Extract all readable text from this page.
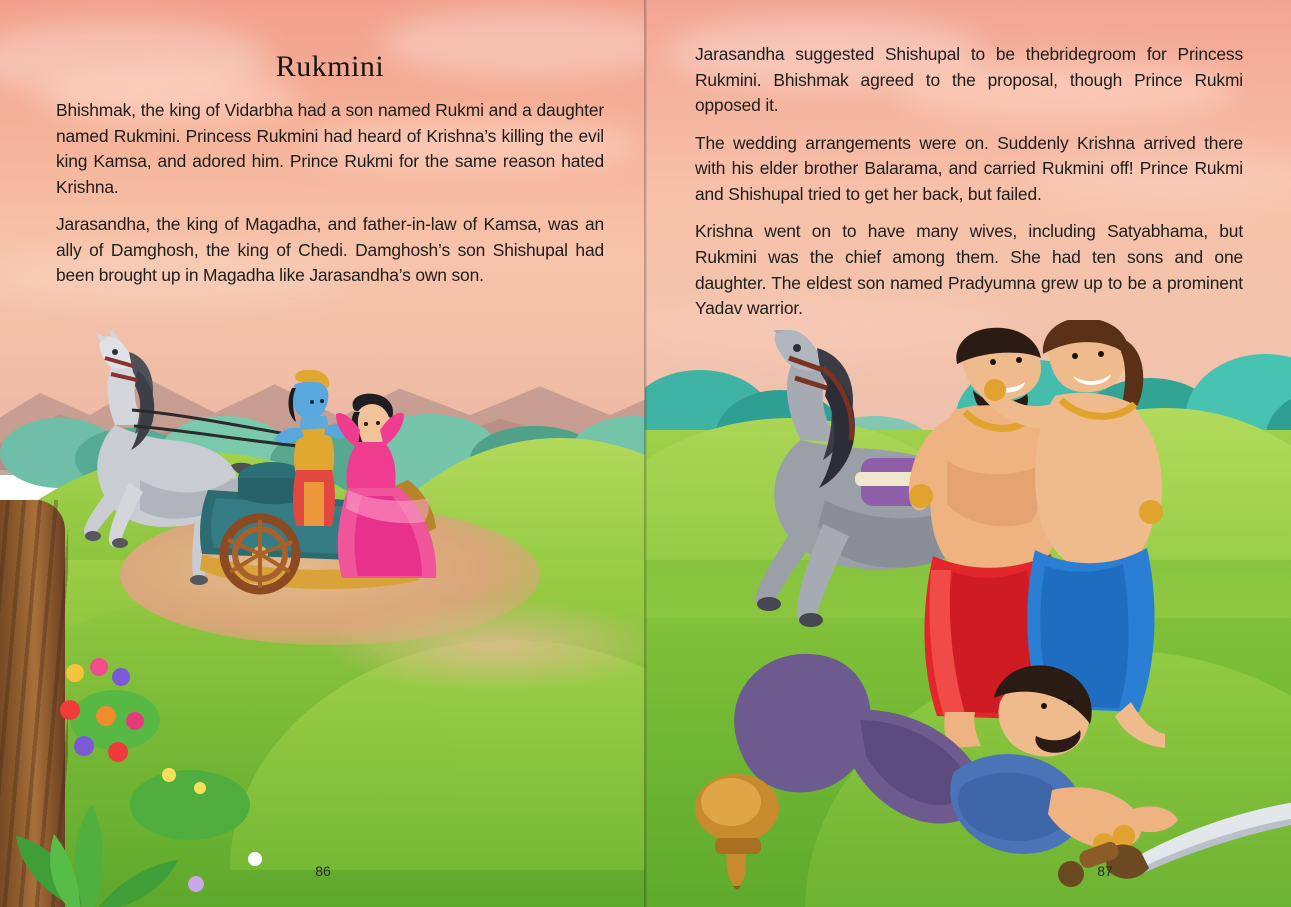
Rukmini

Bhishmak, the king of Vidarbha had a son named Rukmi and a daughter named Rukmini. Princess Rukmini had heard of Krishna’s killing the evil king Kamsa, and adored him. Prince Rukmi for the same reason hated Krishna.

Jarasandha, the king of Magadha, and father-in-law of Kamsa, was an ally of Damghosh, the king of Chedi. Damghosh’s son Shishupal had been brought up in Magadha like Jarasandha’s own son.

86

Jarasandha suggested Shishupal to be thebridegroom for Princess Rukmini. Bhishmak agreed to the proposal, though Prince Rukmi opposed it.

The wedding arrangements were on. Suddenly Krishna arrived there with his elder brother Balarama, and carried Rukmini off! Prince Rukmi and Shishupal tried to get her back, but failed.

Krishna went on to have many wives, including Satyabhama, but Rukmini was the chief among them. She had ten sons and one daughter. The eldest son named Pradyumna grew up to be a prominent Yadav warrior.

87
